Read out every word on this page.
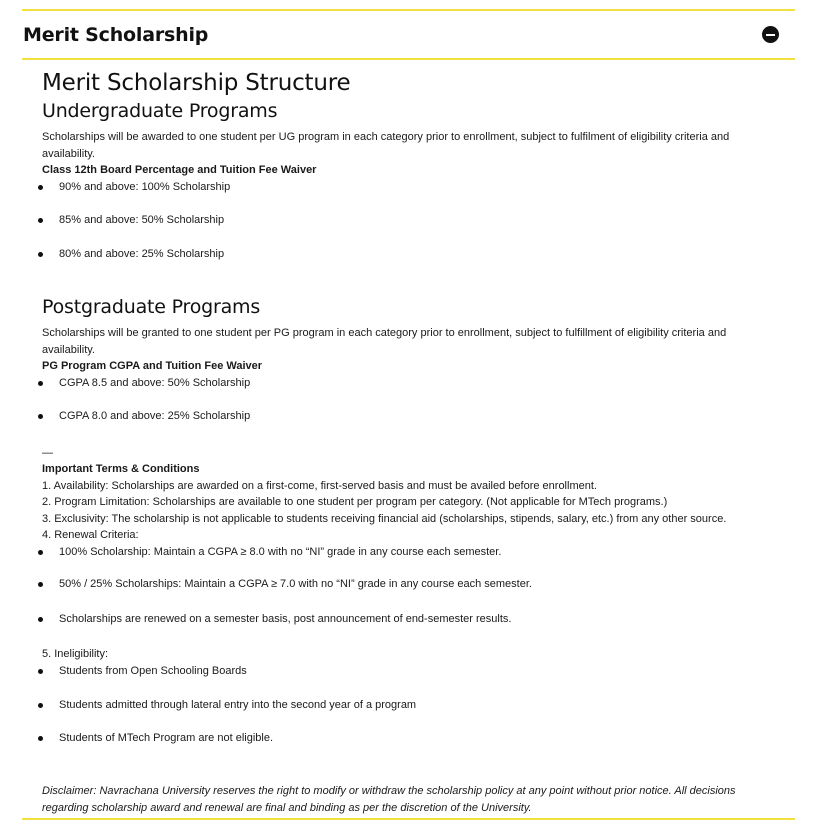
Merit Scholarship
Merit Scholarship Structure
Undergraduate Programs

Scholarships will be awarded to one student per UG program in each category prior to enrollment, subject to fulfilment of eligibility criteria and availability.

Class 12th Board Percentage and Tuition Fee Waiver

90% and above: 100% Scholarship
85% and above: 50% Scholarship
80% and above: 25% Scholarship
Postgraduate Programs

Scholarships will be granted to one student per PG program in each category prior to enrollment, subject to fulfillment of eligibility criteria and availability.

PG Program CGPA and Tuition Fee Waiver

CGPA 8.5 and above: 50% Scholarship
CGPA 8.0 and above: 25% Scholarship

—

Important Terms & Conditions

1. Availability: Scholarships are awarded on a first-come, first-served basis and must be availed before enrollment.

2. Program Limitation: Scholarships are available to one student per program per category. (Not applicable for MTech programs.)

3. Exclusivity: The scholarship is not applicable to students receiving financial aid (scholarships, stipends, salary, etc.) from any other source.

4. Renewal Criteria:

100% Scholarship: Maintain a CGPA ≥ 8.0 with no “NI” grade in any course each semester.
50% / 25% Scholarships: Maintain a CGPA ≥ 7.0 with no “NI” grade in any course each semester.
Scholarships are renewed on a semester basis, post announcement of end-semester results.

5. Ineligibility:

Students from Open Schooling Boards
Students admitted through lateral entry into the second year of a program
Students of MTech Program are not eligible.

Disclaimer: Navrachana University reserves the right to modify or withdraw the scholarship policy at any point without prior notice. All decisions regarding scholarship award and renewal are final and binding as per the discretion of the University.
